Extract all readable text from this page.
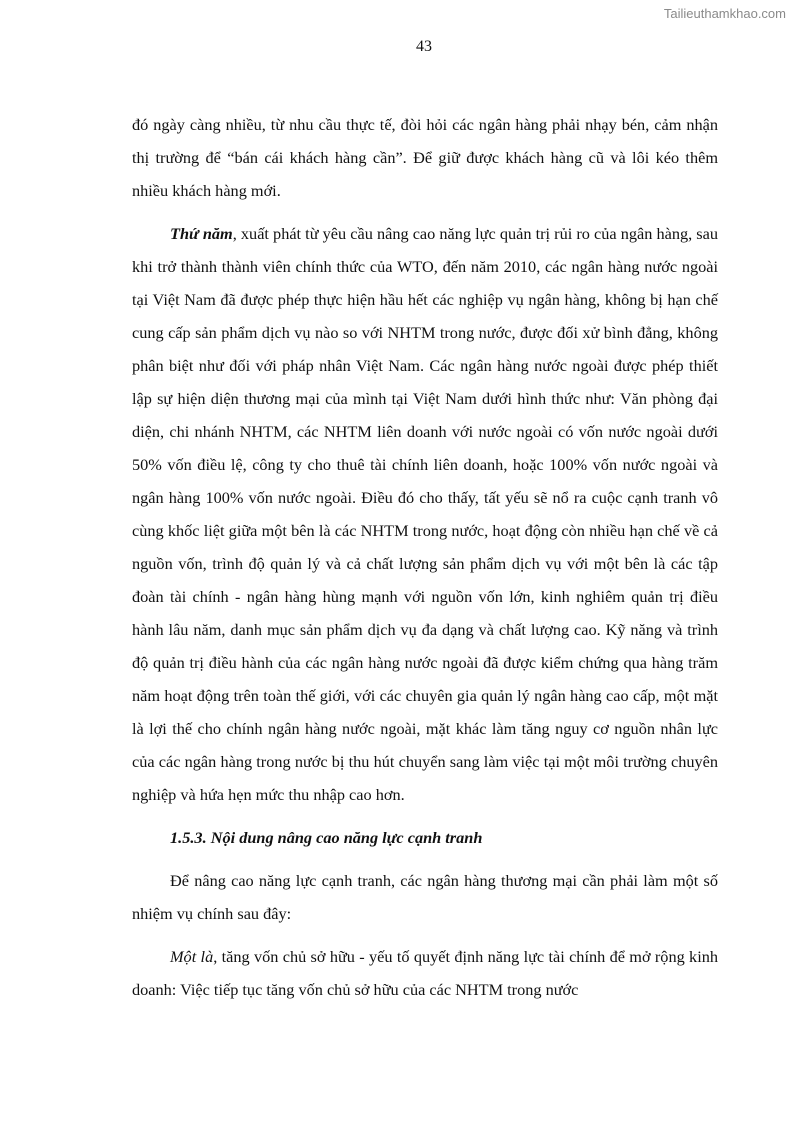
Tailieuthamkhao.com
43

đó ngày càng nhiều, từ nhu cầu thực tế, đòi hỏi các ngân hàng phải nhạy bén, cảm nhận thị trường để “bán cái khách hàng cần”. Để giữ được khách hàng cũ và lôi kéo thêm nhiều khách hàng mới.

Thứ năm, xuất phát từ yêu cầu nâng cao năng lực quản trị rủi ro của ngân hàng, sau khi trở thành thành viên chính thức của WTO, đến năm 2010, các ngân hàng nước ngoài tại Việt Nam đã được phép thực hiện hầu hết các nghiệp vụ ngân hàng, không bị hạn chế cung cấp sản phẩm dịch vụ nào so với NHTM trong nước, được đối xử bình đẳng, không phân biệt như đối với pháp nhân Việt Nam. Các ngân hàng nước ngoài được phép thiết lập sự hiện diện thương mại của mình tại Việt Nam dưới hình thức như: Văn phòng đại diện, chi nhánh NHTM, các NHTM liên doanh với nước ngoài có vốn nước ngoài dưới 50% vốn điều lệ, công ty cho thuê tài chính liên doanh, hoặc 100% vốn nước ngoài và ngân hàng 100% vốn nước ngoài. Điều đó cho thấy, tất yếu sẽ nổ ra cuộc cạnh tranh vô cùng khốc liệt giữa một bên là các NHTM trong nước, hoạt động còn nhiều hạn chế về cả nguồn vốn, trình độ quản lý và cả chất lượng sản phẩm dịch vụ với một bên là các tập đoàn tài chính - ngân hàng hùng mạnh với nguồn vốn lớn, kinh nghiêm quản trị điều hành lâu năm, danh mục sản phẩm dịch vụ đa dạng và chất lượng cao. Kỹ năng và trình độ quản trị điều hành của các ngân hàng nước ngoài đã được kiểm chứng qua hàng trăm năm hoạt động trên toàn thế giới, với các chuyên gia quản lý ngân hàng cao cấp, một mặt là lợi thế cho chính ngân hàng nước ngoài, mặt khác làm tăng nguy cơ nguồn nhân lực của các ngân hàng trong nước bị thu hút chuyển sang làm việc tại một môi trường chuyên nghiệp và hứa hẹn mức thu nhập cao hơn.

1.5.3. Nội dung nâng cao năng lực cạnh tranh

Để nâng cao năng lực cạnh tranh, các ngân hàng thương mại cần phải làm một số nhiệm vụ chính sau đây:

Một là, tăng vốn chủ sở hữu - yếu tố quyết định năng lực tài chính để mở rộng kinh doanh: Việc tiếp tục tăng vốn chủ sở hữu của các NHTM trong nước
